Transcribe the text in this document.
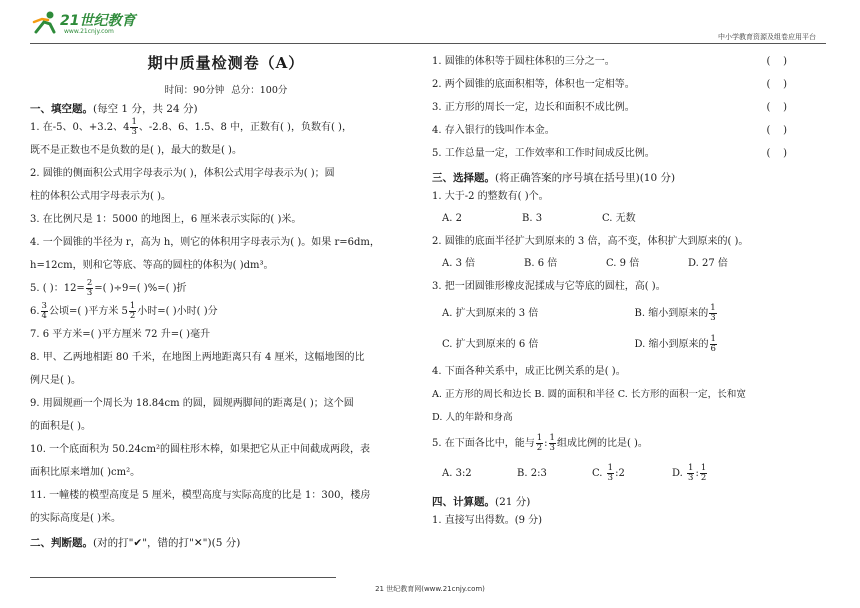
21世纪教育
www.21cnjy.com
中小学教育资源及组卷应用平台
期中质量检测卷（A）
时间：90分钟 总分：100分
一、填空题。(每空 1 分，共 24 分)
1. 在-5、0、+3.2、$4 \frac{1}{3}$ 、-2.8、6、1.5、8 中，正数有( )，负数有( )，
既不是正数也不是负数的是( )，最大的数是( )。
2. 圆锥的侧面积公式用字母表示为( )，体积公式用字母表示为( )；圆
柱的体积公式用字母表示为( )。
3. 在比例尺是 1：5000 的地图上，6 厘米表示实际的( )米。
4. 一个圆锥的半径为 r，高为 h，则它的体积用字母表示为( )。如果 r=6dm，
h=12cm，则和它等底、等高的圆柱的体积为( )dm³。
5. ( )：$12= \frac{2}{3}$ =( )÷9=( )%=( )折
6. $\frac{3}{4}$ 公顷=( )平方米 $5 \frac{1}{2}$ 小时=( )小时( )分
7. 6 平方米=( )平方厘米 72 升=( )毫升
8. 甲、乙两地相距 80 千米，在地图上两地距离只有 4 厘米，这幅地图的比
例尺是( )。
9. 用圆规画一个周长为 18.84cm 的圆，圆规两脚间的距离是( )；这个圆
的面积是( )。
10. 一个底面积为 50.24cm²的圆柱形木棒，如果把它从正中间截成两段，表
面积比原来增加( )cm²。
11. 一幢楼的模型高度是 5 厘米，模型高度与实际高度的比是 1：300，楼房
的实际高度是( )米。
二、判断题。(对的打"✔"，错的打"✕")(5 分)
1. 圆锥的体积等于圆柱体积的三分之一。	(    )
2. 两个圆锥的底面积相等，体积也一定相等。	(    )
3. 正方形的周长一定，边长和面积不成比例。	(    )
4. 存入银行的钱叫作本金。	(    )
5. 工作总量一定，工作效率和工作时间成反比例。	(    )
三、选择题。(将正确答案的序号填在括号里)(10 分)
1. 大于-2 的整数有( )个。
A. 2	B. 3	C. 无数
2. 圆锥的底面半径扩大到原来的 3 倍，高不变，体积扩大到原来的( )。
A. 3 倍	B. 6 倍	C. 9 倍	D. 27 倍
3. 把一团圆锥形橡皮泥揉成与它等底的圆柱，高( )。
A. 扩大到原来的 3 倍	B. 缩小到原来的 $\frac{1}{3}$
C. 扩大到原来的 6 倍	D. 缩小到原来的 $\frac{1}{6}$
4. 下面各种关系中，成正比例关系的是( )。
A. 正方形的周长和边长 B. 圆的面积和半径 C. 长方形的面积一定，长和宽
D. 人的年龄和身高
5. 在下面各比中，能与 $\frac{1}{2}$ : $\frac{1}{3}$ 组成比例的比是( )。
A. 3:2	B. 2:3	C. $\frac{1}{3}$ :2	D. $\frac{1}{3}$ : $\frac{1}{2}$
四、计算题。(21 分)
1. 直接写出得数。(9 分)
21 世纪教育网(www.21cnjy.com)
